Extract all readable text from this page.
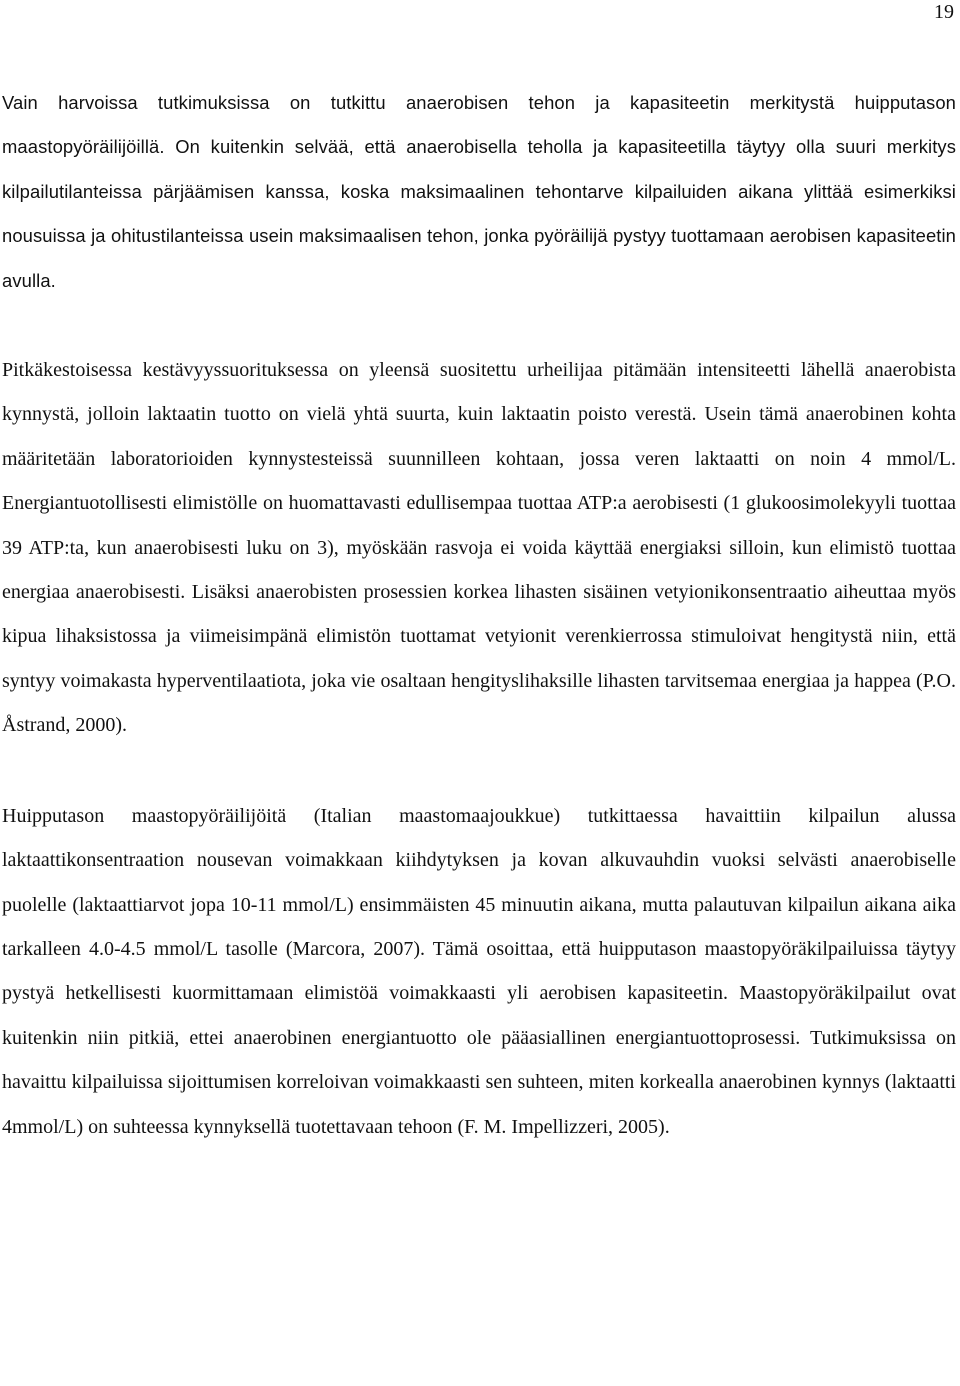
19

Vain harvoissa tutkimuksissa on tutkittu anaerobisen tehon ja kapasiteetin merkitystä huipputason maastopyöräilijöillä. On kuitenkin selvää, että anaerobisella teholla ja kapasiteetilla täytyy olla suuri merkitys kilpailutilanteissa pärjäämisen kanssa, koska maksimaalinen tehontarve kilpailuiden aikana ylittää esimerkiksi nousuissa ja ohitustilanteissa usein maksimaalisen tehon, jonka pyöräilijä pystyy tuottamaan aerobisen kapasiteetin avulla.

Pitkäkestoisessa kestävyyssuorituksessa on yleensä suositettu urheilijaa pitämään intensiteetti lähellä anaerobista kynnystä, jolloin laktaatin tuotto on vielä yhtä suurta, kuin laktaatin poisto verestä. Usein tämä anaerobinen kohta määritetään laboratorioiden kynnystesteissä suunnilleen kohtaan, jossa veren laktaatti on noin 4 mmol/L. Energiantuotollisesti elimistölle on huomattavasti edullisempaa tuottaa ATP:a aerobisesti (1 glukoosimolekyyli tuottaa 39 ATP:ta, kun anaerobisesti luku on 3), myöskään rasvoja ei voida käyttää energiaksi silloin, kun elimistö tuottaa energiaa anaerobisesti. Lisäksi anaerobisten prosessien korkea lihasten sisäinen vetyionikonsentraatio aiheuttaa myös kipua lihaksistossa ja viimeisimpänä elimistön tuottamat vetyionit verenkierrossa stimuloivat hengitystä niin, että syntyy voimakasta hyperventilaatiota, joka vie osaltaan hengityslihaksille lihasten tarvitsemaa energiaa ja happea (P.O. Åstrand, 2000).

Huipputason maastopyöräilijöitä (Italian maastomaajoukkue) tutkittaessa havaittiin kilpailun alussa laktaattikonsentraation nousevan voimakkaan kiihdytyksen ja kovan alkuvauhdin vuoksi selvästi anaerobiselle puolelle (laktaattiarvot jopa 10-11 mmol/L) ensimmäisten 45 minuutin aikana, mutta palautuvan kilpailun aikana aika tarkalleen 4.0-4.5 mmol/L tasolle (Marcora, 2007). Tämä osoittaa, että huipputason maastopyöräkilpailuissa täytyy pystyä hetkellisesti kuormittamaan elimistöä voimakkaasti yli aerobisen kapasiteetin. Maastopyöräkilpailut ovat kuitenkin niin pitkiä, ettei anaerobinen energiantuotto ole pääasiallinen energiantuottoprosessi. Tutkimuksissa on havaittu kilpailuissa sijoittumisen korreloivan voimakkaasti sen suhteen, miten korkealla anaerobinen kynnys (laktaatti 4mmol/L) on suhteessa kynnyksellä tuotettavaan tehoon (F. M. Impellizzeri, 2005).
